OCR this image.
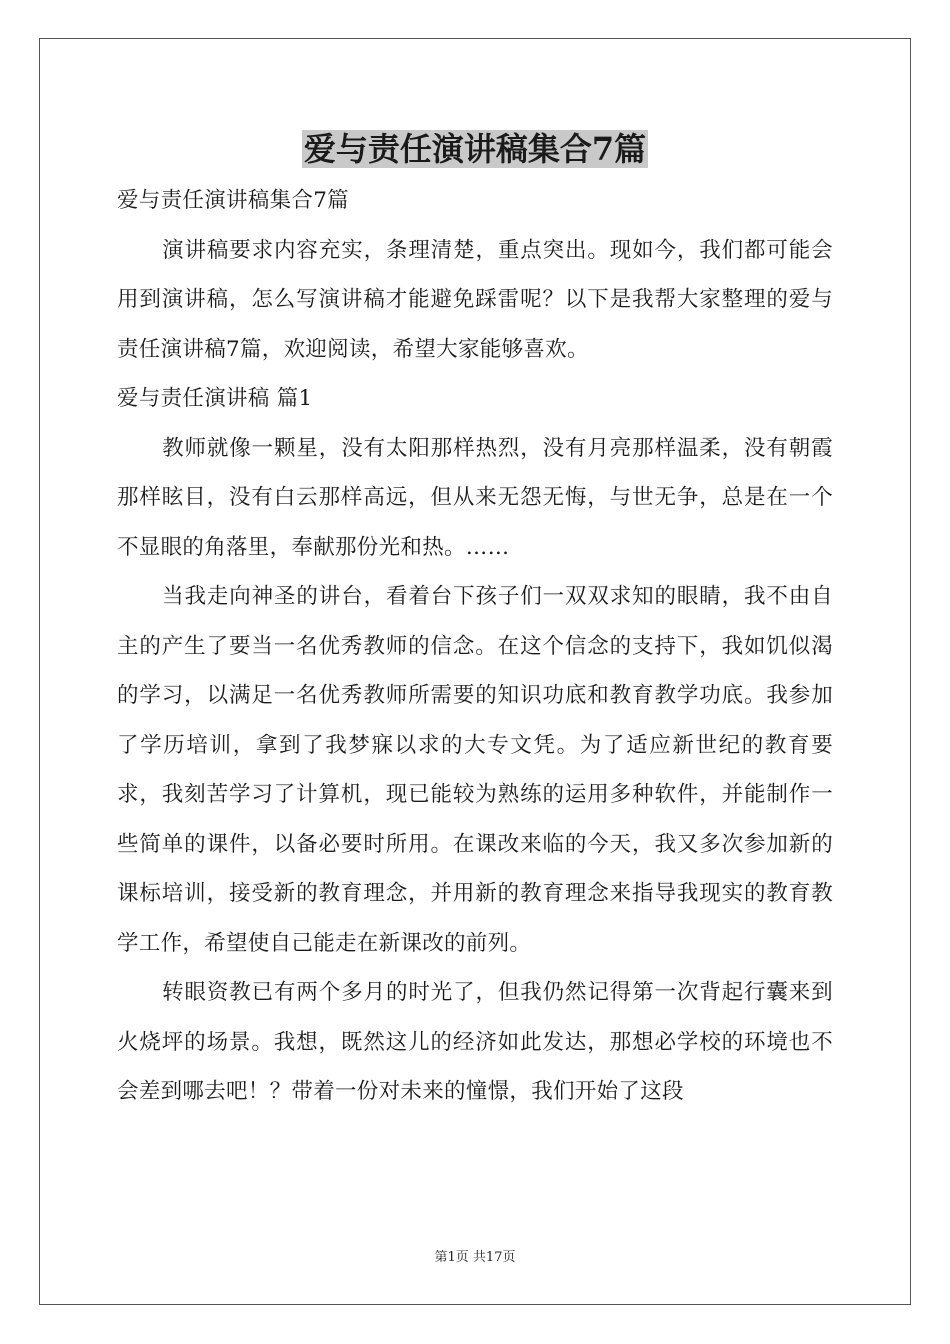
爱与责任演讲稿集合7篇

爱与责任演讲稿集合7篇

演讲稿要求内容充实，条理清楚，重点突出。现如今，我们都可能会用到演讲稿，怎么写演讲稿才能避免踩雷呢？以下是我帮大家整理的爱与责任演讲稿7篇，欢迎阅读，希望大家能够喜欢。

爱与责任演讲稿 篇1

教师就像一颗星，没有太阳那样热烈，没有月亮那样温柔，没有朝霞那样眩目，没有白云那样高远，但从来无怨无悔，与世无争，总是在一个不显眼的角落里，奉献那份光和热。……

当我走向神圣的讲台，看着台下孩子们一双双求知的眼睛，我不由自主的产生了要当一名优秀教师的信念。在这个信念的支持下，我如饥似渴的学习，以满足一名优秀教师所需要的知识功底和教育教学功底。我参加了学历培训，拿到了我梦寐以求的大专文凭。为了适应新世纪的教育要求，我刻苦学习了计算机，现已能较为熟练的运用多种软件，并能制作一些简单的课件，以备必要时所用。在课改来临的今天，我又多次参加新的课标培训，接受新的教育理念，并用新的教育理念来指导我现实的教育教学工作，希望使自己能走在新课改的前列。

转眼资教已有两个多月的时光了，但我仍然记得第一次背起行囊来到火烧坪的场景。我想，既然这儿的经济如此发达，那想必学校的环境也不会差到哪去吧！？带着一份对未来的憧憬，我们开始了这段

第1页 共17页
